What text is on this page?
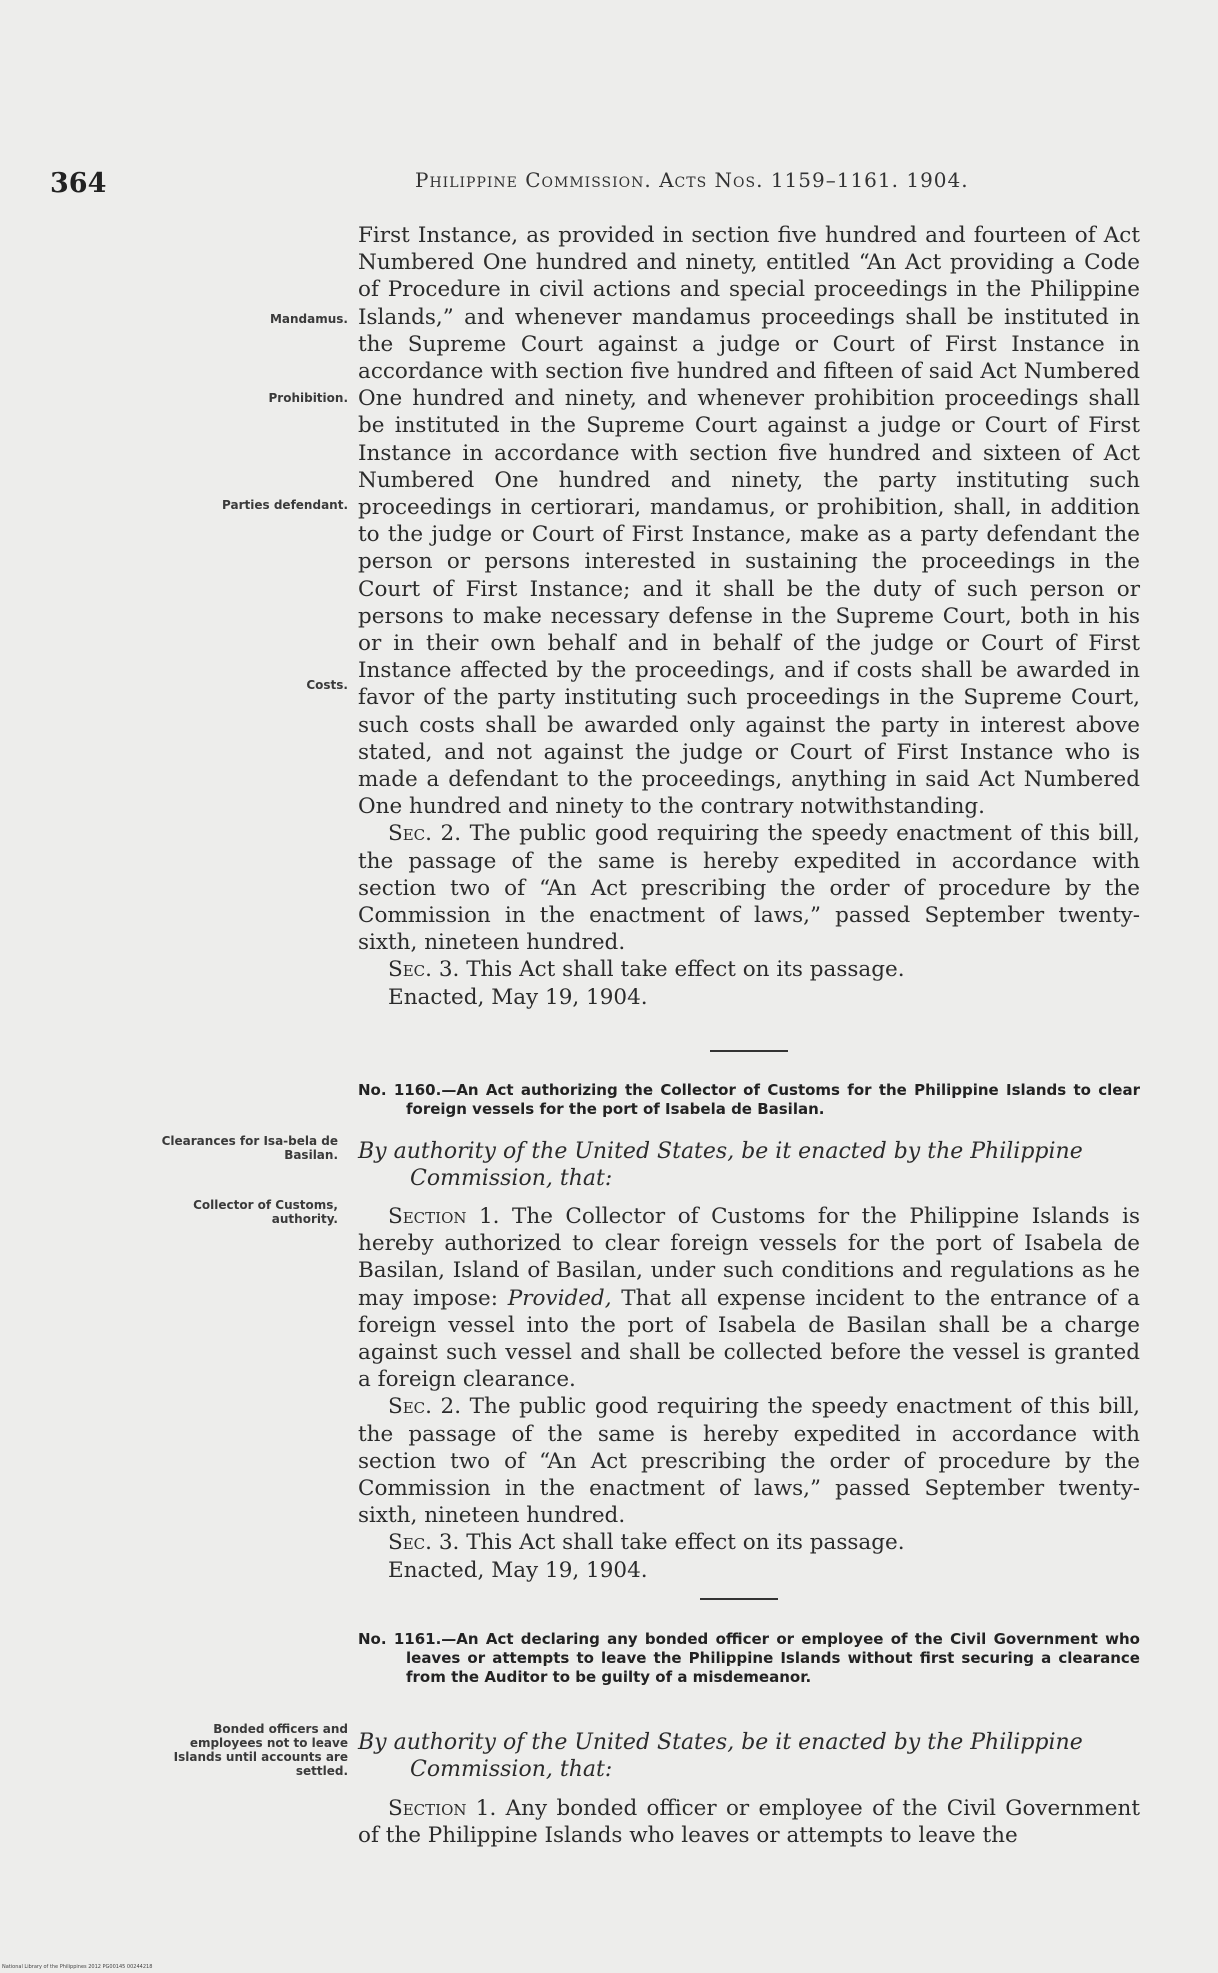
364	Philippine Commission. Acts Nos. 1159–1161. 1904.
Mandamus.
Prohibition.
Parties defendant.
Costs.
Clearances for Isa-bela de Basilan.
Collector of Customs, authority.
Bonded officers and employees not to leave Islands until accounts are settled.

First Instance, as provided in section five hundred and fourteen of Act Numbered One hundred and ninety, entitled “An Act providing a Code of Procedure in civil actions and special proceedings in the Philippine Islands,” and whenever mandamus proceedings shall be instituted in the Supreme Court against a judge or Court of First Instance in accordance with section five hundred and fifteen of said Act Numbered One hundred and ninety, and whenever prohibition proceedings shall be instituted in the Supreme Court against a judge or Court of First Instance in accordance with section five hundred and sixteen of Act Numbered One hundred and ninety, the party instituting such proceedings in certiorari, mandamus, or prohibition, shall, in addition to the judge or Court of First Instance, make as a party defendant the person or persons interested in sustaining the proceedings in the Court of First Instance; and it shall be the duty of such person or persons to make necessary defense in the Supreme Court, both in his or in their own behalf and in behalf of the judge or Court of First Instance affected by the proceedings, and if costs shall be awarded in favor of the party instituting such proceedings in the Supreme Court, such costs shall be awarded only against the party in interest above stated, and not against the judge or Court of First Instance who is made a defendant to the proceedings, anything in said Act Numbered One hundred and ninety to the contrary notwithstanding.

Sec. 2. The public good requiring the speedy enactment of this bill, the passage of the same is hereby expedited in accordance with section two of “An Act prescribing the order of procedure by the Commission in the enactment of laws,” passed September twenty-sixth, nineteen hundred.

Sec. 3. This Act shall take effect on its passage.

Enacted, May 19, 1904.

No. 1160.—An Act authorizing the Collector of Customs for the Philippine Islands to clear foreign vessels for the port of Isabela de Basilan.
By authority of the United States, be it enacted by the Philippine
Commission, that:

Section 1. The Collector of Customs for the Philippine Islands is hereby authorized to clear foreign vessels for the port of Isabela de Basilan, Island of Basilan, under such conditions and regulations as he may impose: Provided, That all expense incident to the entrance of a foreign vessel into the port of Isabela de Basilan shall be a charge against such vessel and shall be collected before the vessel is granted a foreign clearance.

Sec. 2. The public good requiring the speedy enactment of this bill, the passage of the same is hereby expedited in accordance with section two of “An Act prescribing the order of procedure by the Commission in the enactment of laws,” passed September twenty-sixth, nineteen hundred.

Sec. 3. This Act shall take effect on its passage.

Enacted, May 19, 1904.

No. 1161.—An Act declaring any bonded officer or employee of the Civil Government who leaves or attempts to leave the Philippine Islands without first securing a clearance from the Auditor to be guilty of a misdemeanor.
By authority of the United States, be it enacted by the Philippine
Commission, that:

Section 1. Any bonded officer or employee of the Civil Government of the Philippine Islands who leaves or attempts to leave the

National Library of the Philippines 2012 PG00145 00244218
